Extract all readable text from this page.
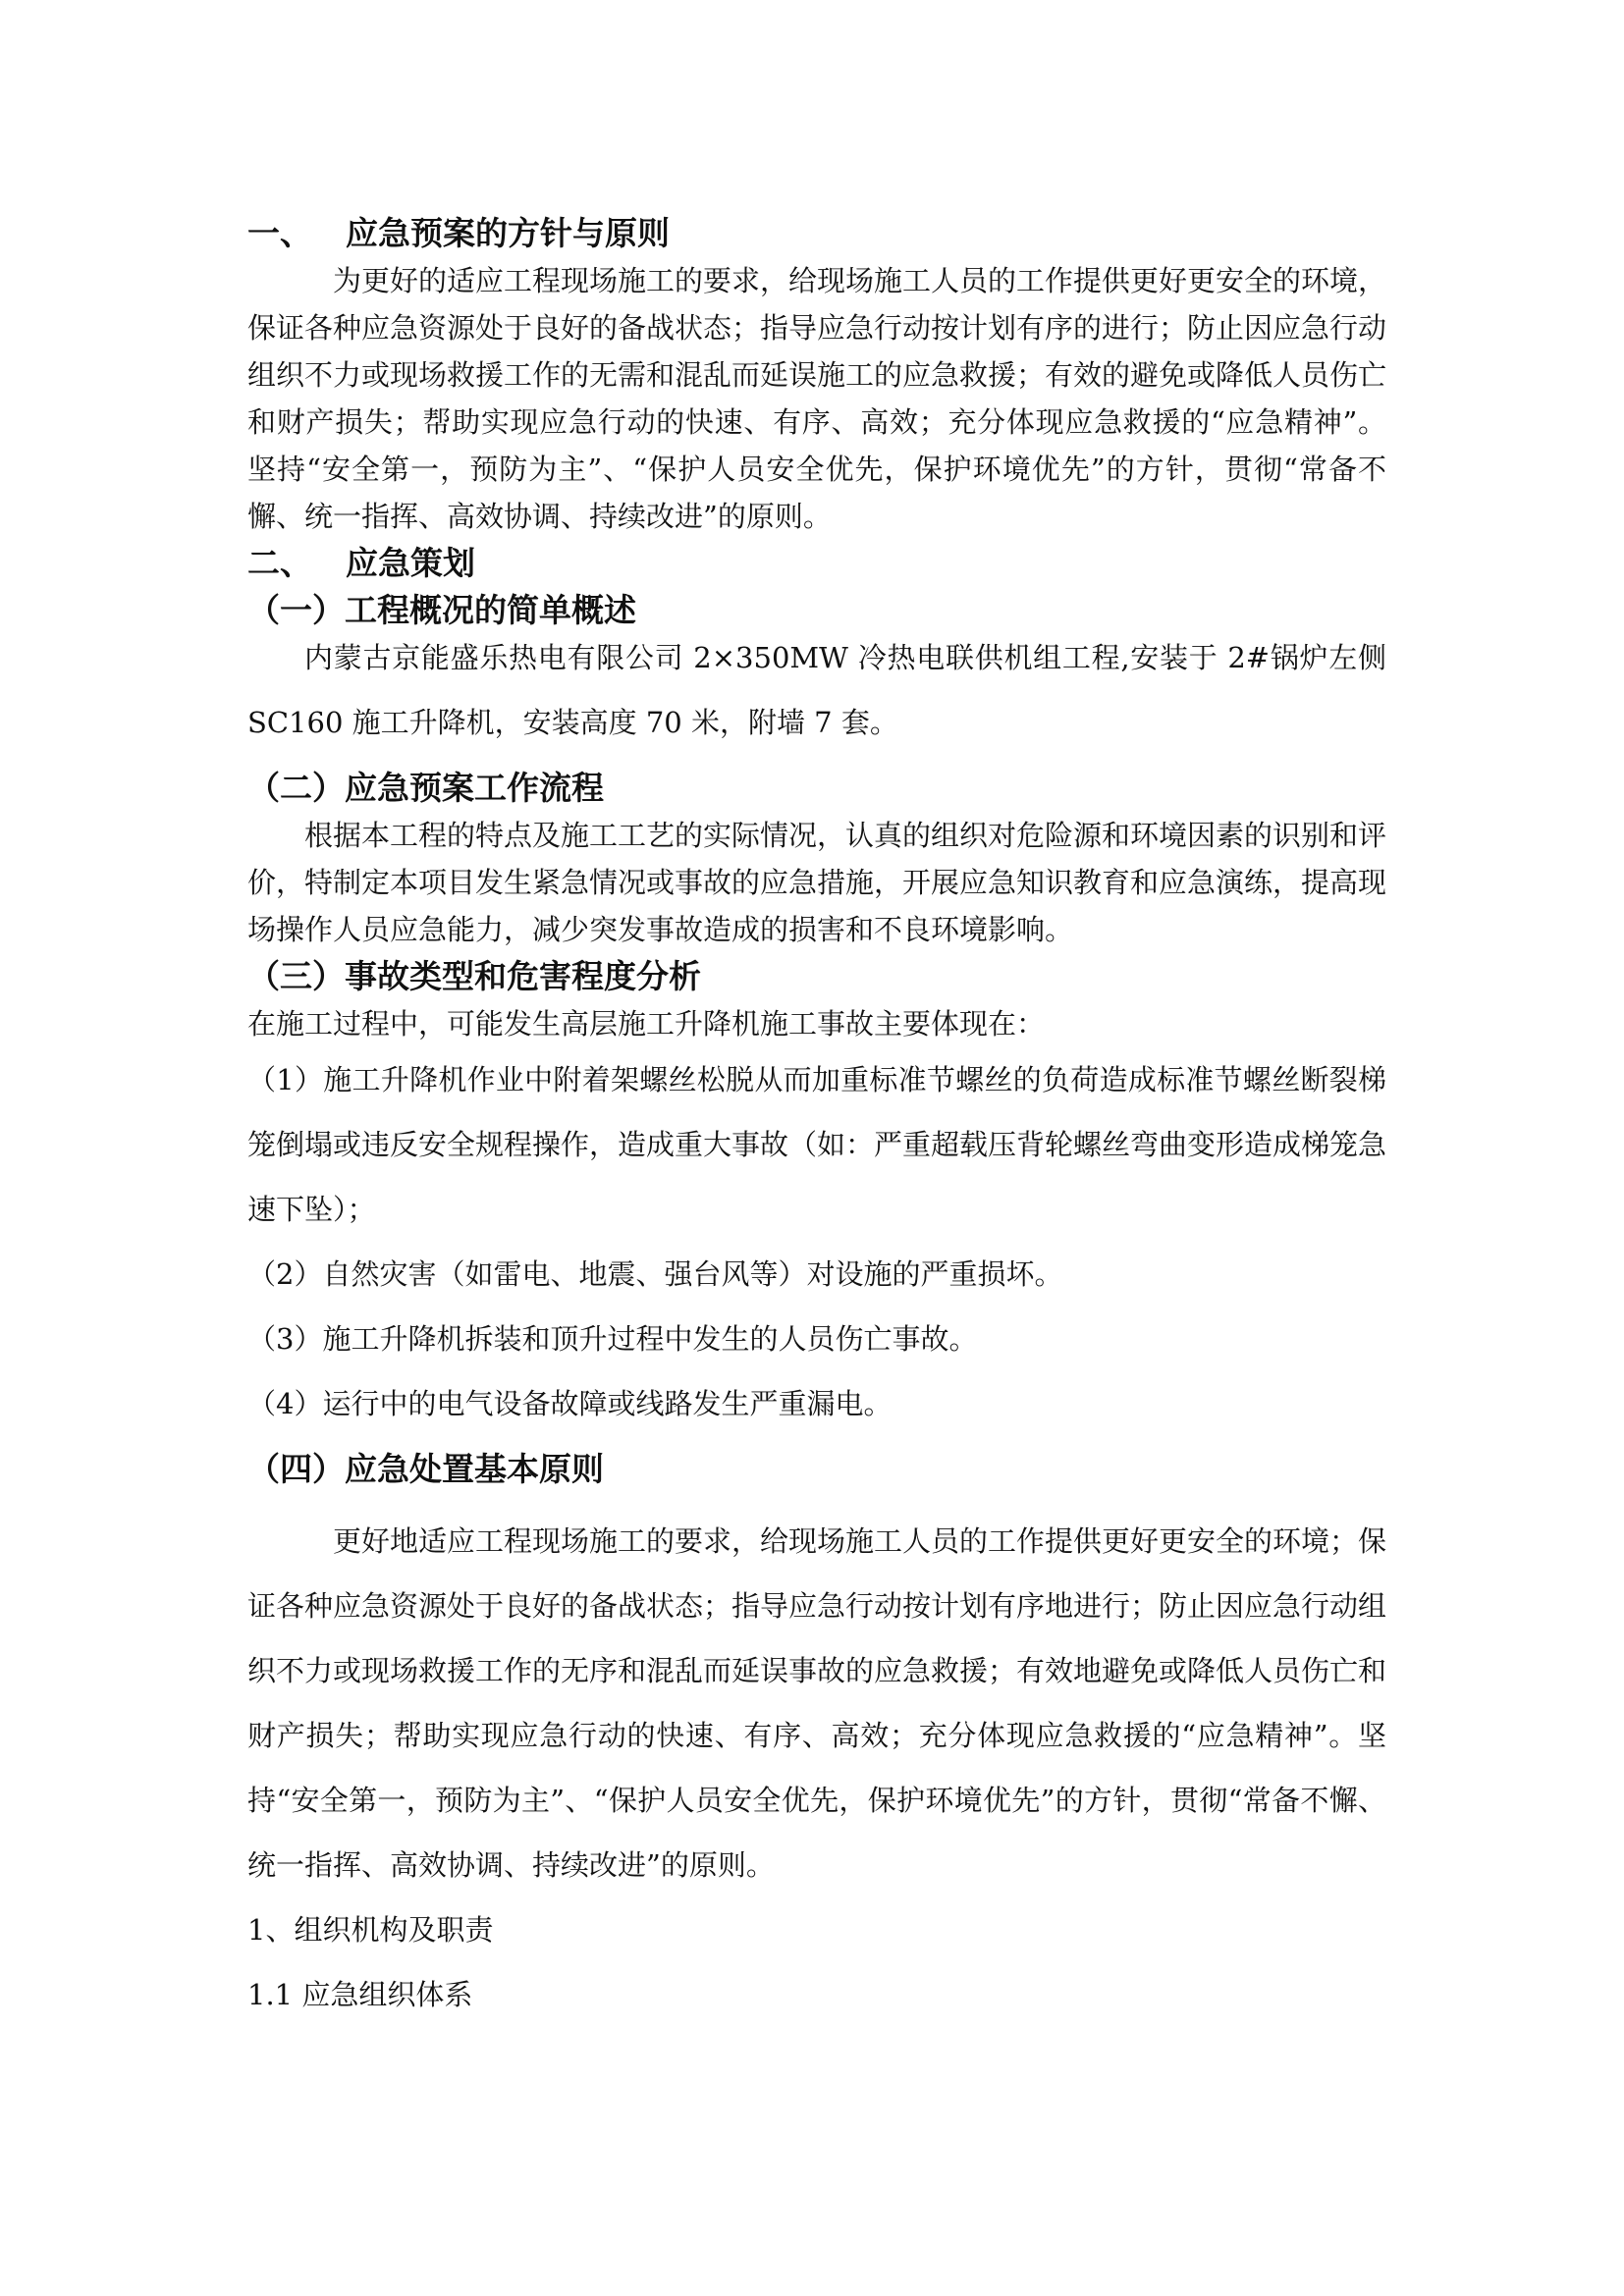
一、 应急预案的方针与原则

为更好的适应工程现场施工的要求，给现场施工人员的工作提供更好更安全的环境，保证各种应急资源处于良好的备战状态；指导应急行动按计划有序的进行；防止因应急行动组织不力或现场救援工作的无需和混乱而延误施工的应急救援；有效的避免或降低人员伤亡和财产损失；帮助实现应急行动的快速、有序、高效；充分体现应急救援的“应急精神”。坚持“安全第一，预防为主”、“保护人员安全优先，保护环境优先”的方针，贯彻“常备不懈、统一指挥、高效协调、持续改进”的原则。

二、 应急策划
（一）工程概况的简单概述

内蒙古京能盛乐热电有限公司 2×350MW 冷热电联供机组工程,安装于 2#锅炉左侧 SC160 施工升降机，安装高度 70 米，附墙 7 套。

（二）应急预案工作流程

根据本工程的特点及施工工艺的实际情况，认真的组织对危险源和环境因素的识别和评价，特制定本项目发生紧急情况或事故的应急措施，开展应急知识教育和应急演练，提高现场操作人员应急能力，减少突发事故造成的损害和不良环境影响。

（三）事故类型和危害程度分析

在施工过程中，可能发生高层施工升降机施工事故主要体现在：

（1）施工升降机作业中附着架螺丝松脱从而加重标准节螺丝的负荷造成标准节螺丝断裂梯笼倒塌或违反安全规程操作，造成重大事故（如：严重超载压背轮螺丝弯曲变形造成梯笼急速下坠）；

（2）自然灾害（如雷电、地震、强台风等）对设施的严重损坏。

（3）施工升降机拆装和顶升过程中发生的人员伤亡事故。

（4）运行中的电气设备故障或线路发生严重漏电。

（四）应急处置基本原则

更好地适应工程现场施工的要求，给现场施工人员的工作提供更好更安全的环境；保证各种应急资源处于良好的备战状态；指导应急行动按计划有序地进行；防止因应急行动组织不力或现场救援工作的无序和混乱而延误事故的应急救援；有效地避免或降低人员伤亡和财产损失；帮助实现应急行动的快速、有序、高效；充分体现应急救援的“应急精神”。坚持“安全第一，预防为主”、“保护人员安全优先，保护环境优先”的方针，贯彻“常备不懈、统一指挥、高效协调、持续改进”的原则。

1、组织机构及职责

1.1 应急组织体系
